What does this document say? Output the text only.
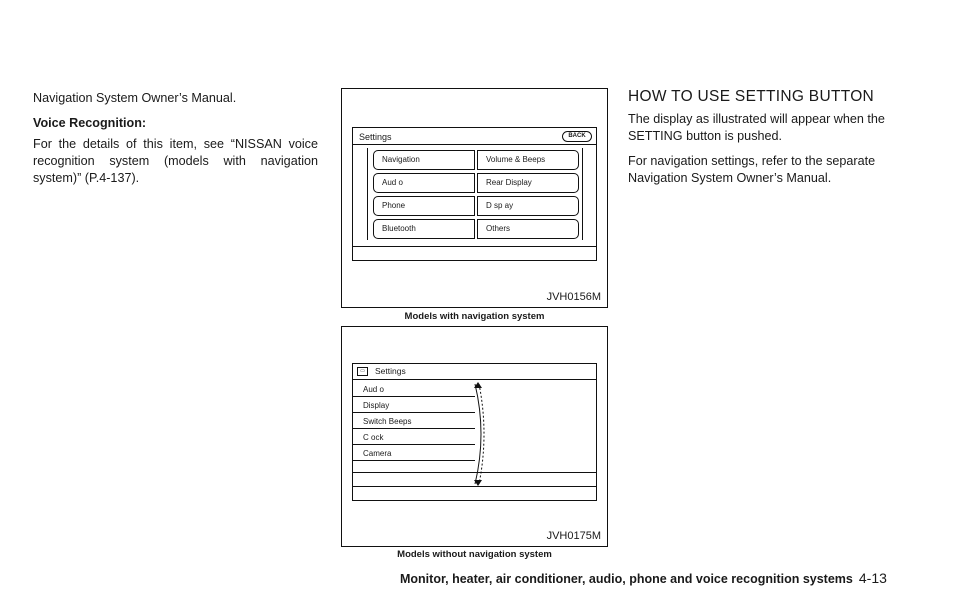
Navigation System Owner’s Manual.

Voice Recognition:

For the details of this item, see “NISSAN voice recognition system (models with navigation system)” (P.4-137).

Settings	BACK
Navigation
Aud o
Phone
Bluetooth
Volume & Beeps
Rear Display
D sp ay
Others
JVH0156M
Models with navigation system
▭	Settings
Aud o
Display
Switch Beeps
C ock
Camera
JVH0175M
Models without navigation system
HOW TO USE SETTING BUTTON

The display as illustrated will appear when the SETTING button is pushed.

For navigation settings, refer to the separate Navigation System Owner’s Manual.

Monitor, heater, air conditioner, audio, phone and voice recognition systems 4-13
